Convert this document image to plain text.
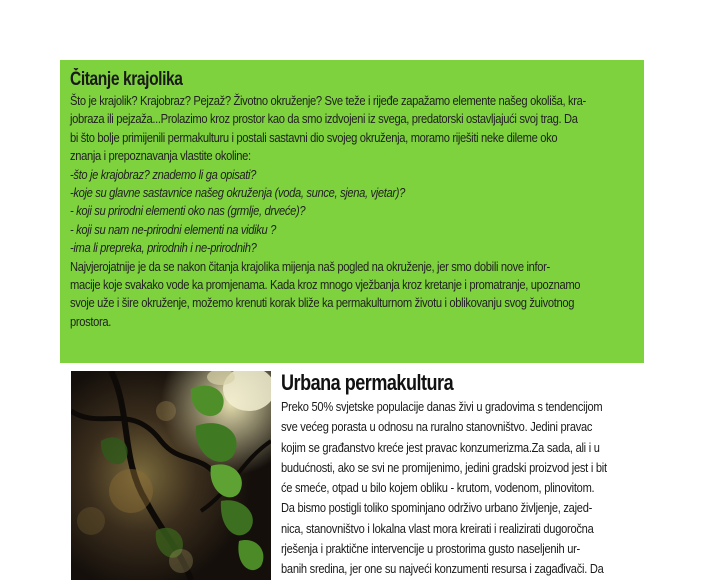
Čitanje krajolika

Što je krajolik? Krajobraz? Pejzaž? Životno okruženje? Sve teže i rijeđe zapažamo elemente našeg okoliša, kra-

jobraza ili pejzaža...Prolazimo kroz prostor kao da smo izdvojeni iz svega, predatorski ostavljajući svoj trag. Da

bi što bolje primijenili permakulturu i postali sastavni dio svojeg okruženja, moramo riješiti neke dileme oko

znanja i prepoznavanja vlastite okoline:

-što je krajobraz? znademo li ga opisati?

-koje su glavne sastavnice našeg okruženja (voda, sunce, sjena, vjetar)?

- koji su prirodni elementi oko nas (grmlje, drveće)?

- koji su nam ne-prirodni elementi na vidiku ?

-ima li prepreka, prirodnih i ne-prirodnih?

Najvjerojatnije je da se nakon čitanja krajolika mijenja naš pogled na okruženje, jer smo dobili nove infor-

macije koje svakako vode ka promjenama. Kada kroz mnogo vježbanja kroz kretanje i promatranje, upoznamo

svoje uže i šire okruženje, možemo krenuti korak bliže ka permakulturnom životu i oblikovanju svog žuivotnog

prostora.

Urbana permakultura

Preko 50% svjetske populacije danas živi u gradovima s tendencijom

sve većeg porasta u odnosu na ruralno stanovništvo. Jedini pravac

kojim se građanstvo kreće jest pravac konzumerizma.Za sada, ali i u

budućnosti, ako se svi ne promijenimo, jedini gradski proizvod jest i bit

će smeće, otpad u bilo kojem obliku - krutom, vodenom, plinovitom.

Da bismo postigli toliko spominjano održivo urbano življenje, zajed-

nica, stanovništvo i lokalna vlast mora kreirati i realizirati dugoročna

rješenja i praktične intervencije u prostorima gusto naseljenih ur-

banih sredina, jer one su najveći konzumenti resursa i zagađivači. Da
